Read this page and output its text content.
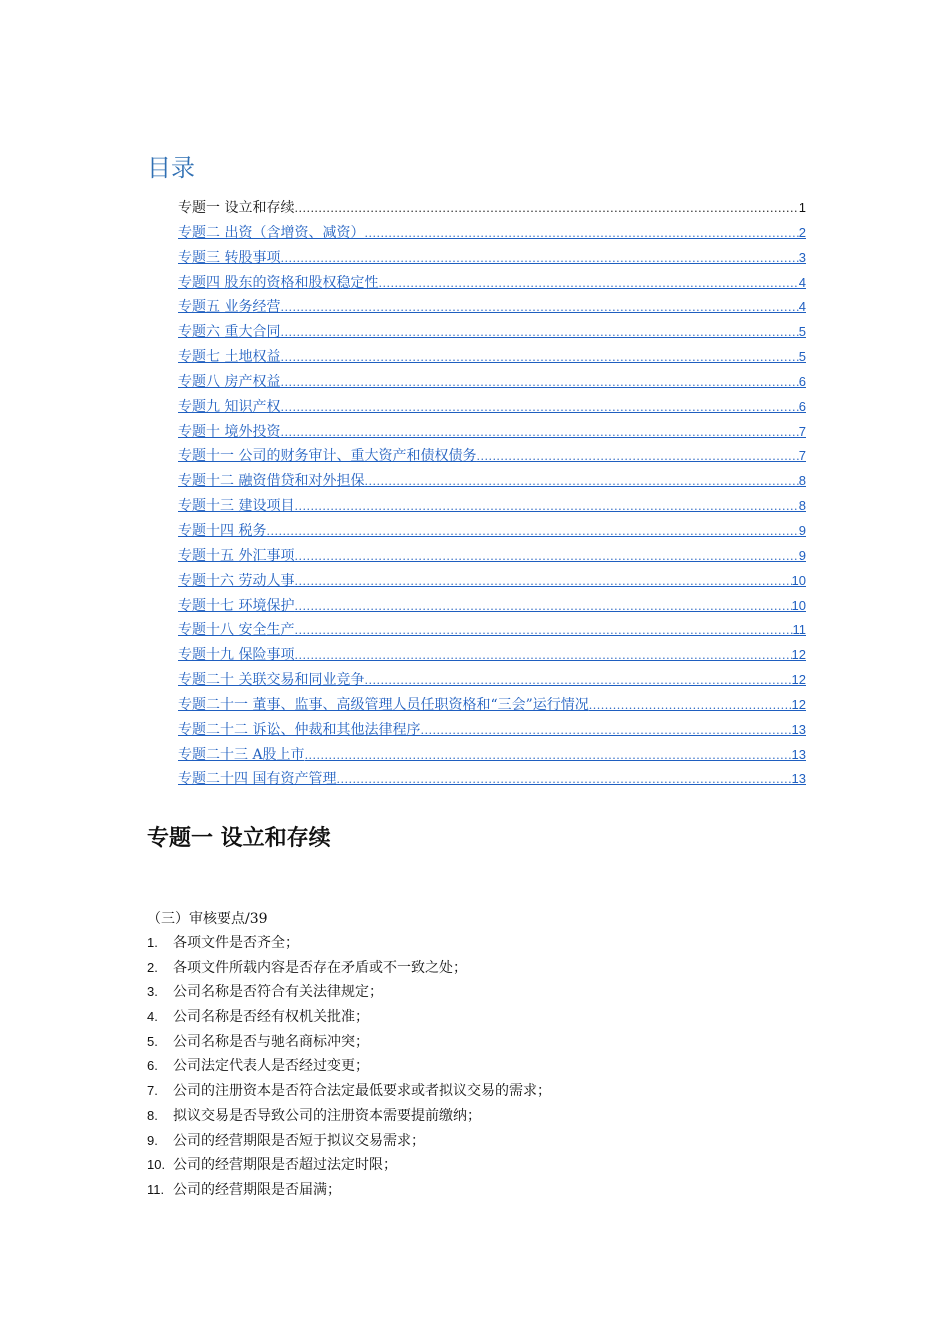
目录
专题一 设立和存续 .....	1
专题二 出资（含增资、减资） .....	2
专题三 转股事项 .....	3
专题四 股东的资格和股权稳定性 .....	4
专题五 业务经营 .....	4
专题六 重大合同 .....	5
专题七 土地权益 .....	5
专题八 房产权益 .....	6
专题九 知识产权 .....	6
专题十 境外投资 .....	7
专题十一 公司的财务审计、重大资产和债权债务 .....	7
专题十二 融资借贷和对外担保 .....	8
专题十三 建设项目 .....	8
专题十四 税务 .....	9
专题十五 外汇事项 .....	9
专题十六 劳动人事 .....	10
专题十七 环境保护 .....	10
专题十八 安全生产 .....	11
专题十九 保险事项 .....	12
专题二十 关联交易和同业竞争 .....	12
专题二十一 董事、监事、高级管理人员任职资格和“三会”运行情况 .....	12
专题二十二 诉讼、仲裁和其他法律程序 .....	13
专题二十三 A股上市 .....	13
专题二十四 国有资产管理 .....	13
专题一 设立和存续

（三）审核要点/39

1.	各项文件是否齐全；
2.	各项文件所载内容是否存在矛盾或不一致之处；
3.	公司名称是否符合有关法律规定；
4.	公司名称是否经有权机关批准；
5.	公司名称是否与驰名商标冲突；
6.	公司法定代表人是否经过变更；
7.	公司的注册资本是否符合法定最低要求或者拟议交易的需求；
8.	拟议交易是否导致公司的注册资本需要提前缴纳；
9.	公司的经营期限是否短于拟议交易需求；
10. 公司的经营期限是否超过法定时限；
11. 公司的经营期限是否届满；
